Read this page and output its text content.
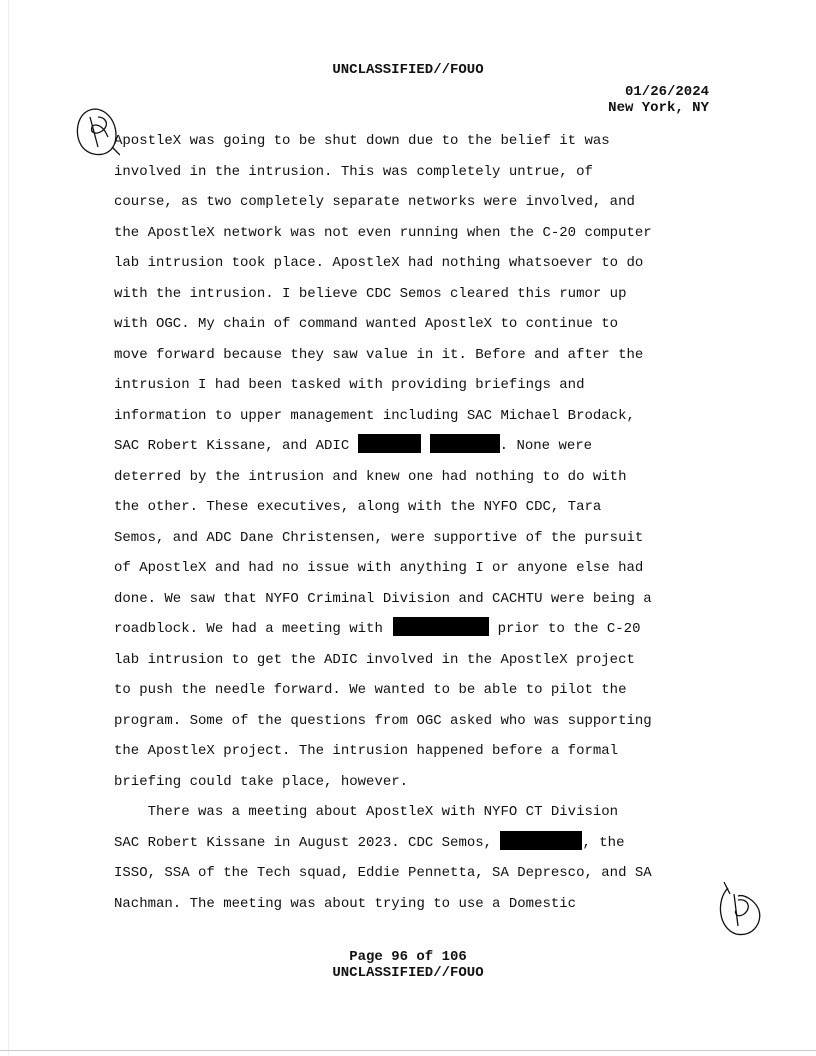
UNCLASSIFIED//FOUO
01/26/2024
New York, NY
ApostleX was going to be shut down due to the belief it was
involved in the intrusion. This was completely untrue, of
course, as two completely separate networks were involved, and
the ApostleX network was not even running when the C-20 computer
lab intrusion took place. ApostleX had nothing whatsoever to do
with the intrusion. I believe CDC Semos cleared this rumor up
with OGC. My chain of command wanted ApostleX to continue to
move forward because they saw value in it. Before and after the
intrusion I had been tasked with providing briefings and
information to upper management including SAC Michael Brodack,
SAC Robert Kissane, and ADIC	. None were
deterred by the intrusion and knew one had nothing to do with
the other. These executives, along with the NYFO CDC, Tara
Semos, and ADC Dane Christensen, were supportive of the pursuit
of ApostleX and had no issue with anything I or anyone else had
done. We saw that NYFO Criminal Division and CACHTU were being a
roadblock. We had a meeting with	prior to the C-20
lab intrusion to get the ADIC involved in the ApostleX project
to push the needle forward. We wanted to be able to pilot the
program. Some of the questions from OGC asked who was supporting
the ApostleX project. The intrusion happened before a formal
briefing could take place, however.
There was a meeting about ApostleX with NYFO CT Division
SAC Robert Kissane in August 2023. CDC Semos,	, the
ISSO, SSA of the Tech squad, Eddie Pennetta, SA Depresco, and SA
Nachman. The meeting was about trying to use a Domestic
Page 96 of 106
UNCLASSIFIED//FOUO
